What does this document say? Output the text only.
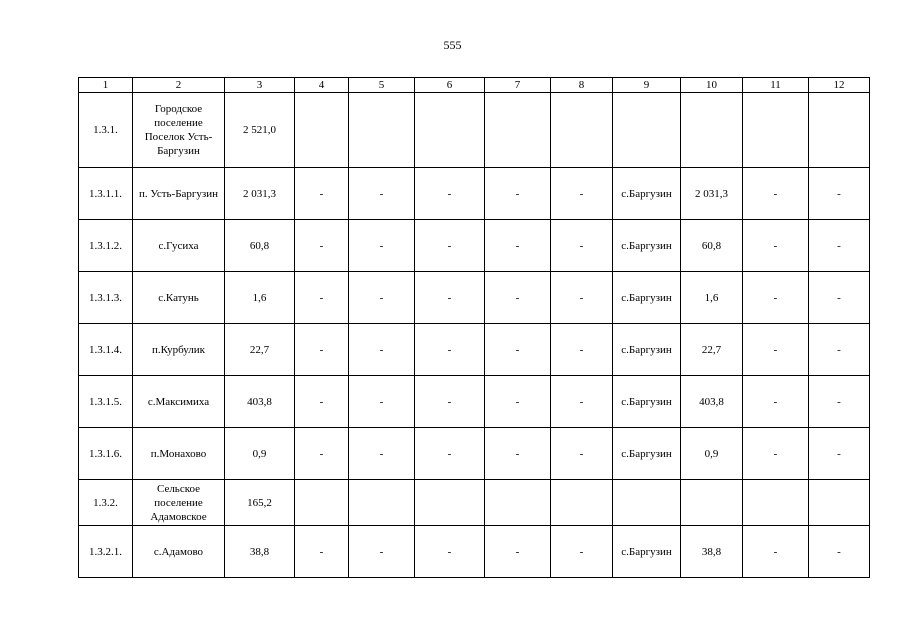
555
1	2	3	4	5	6	7	8	9	10	11	12
1.3.1.	Городское поселение Поселок Усть-Баргузин	2 521,0									
1.3.1.1.	п. Усть-Баргузин	2 031,3	-	-	-	-	-	с.Баргузин	2 031,3	-	-
1.3.1.2.	с.Гусиха	60,8	-	-	-	-	-	с.Баргузин	60,8	-	-
1.3.1.3.	с.Катунь	1,6	-	-	-	-	-	с.Баргузин	1,6	-	-
1.3.1.4.	п.Курбулик	22,7	-	-	-	-	-	с.Баргузин	22,7	-	-
1.3.1.5.	с.Максимиха	403,8	-	-	-	-	-	с.Баргузин	403,8	-	-
1.3.1.6.	п.Монахово	0,9	-	-	-	-	-	с.Баргузин	0,9	-	-
1.3.2.	Сельское поселение Адамовское	165,2									
1.3.2.1.	с.Адамово	38,8	-	-	-	-	-	с.Баргузин	38,8	-	-
